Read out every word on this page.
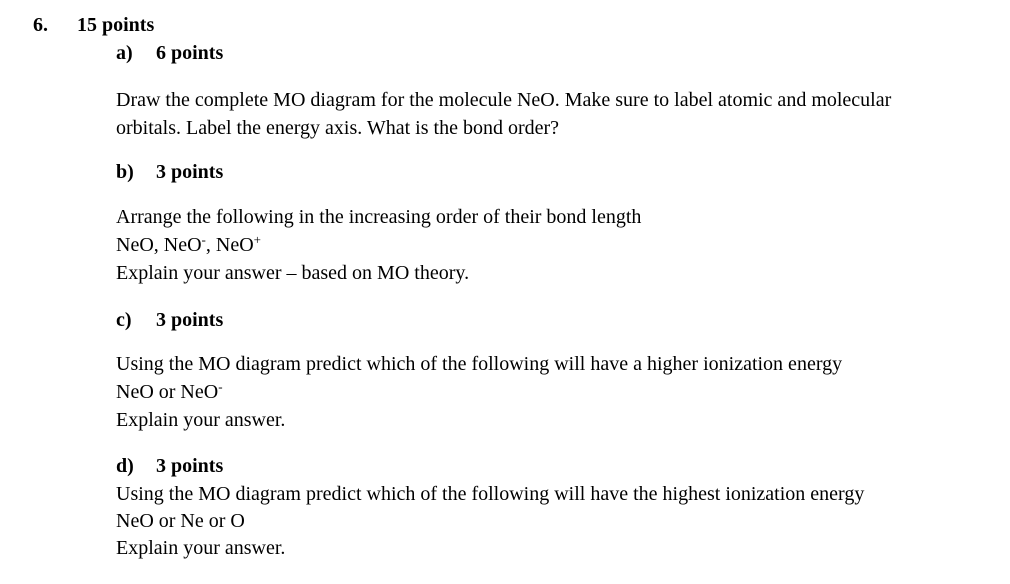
6. 15 points
a) 6 points
Draw the complete MO diagram for the molecule NeO. Make sure to label atomic and molecular
orbitals. Label the energy axis. What is the bond order?
b) 3 points
Arrange the following in the increasing order of their bond length
NeO, NeO-, NeO+
Explain your answer – based on MO theory.
c) 3 points
Using the MO diagram predict which of the following will have a higher ionization energy
NeO or NeO-
Explain your answer.
d) 3 points
Using the MO diagram predict which of the following will have the highest ionization energy
NeO or Ne or O
Explain your answer.
